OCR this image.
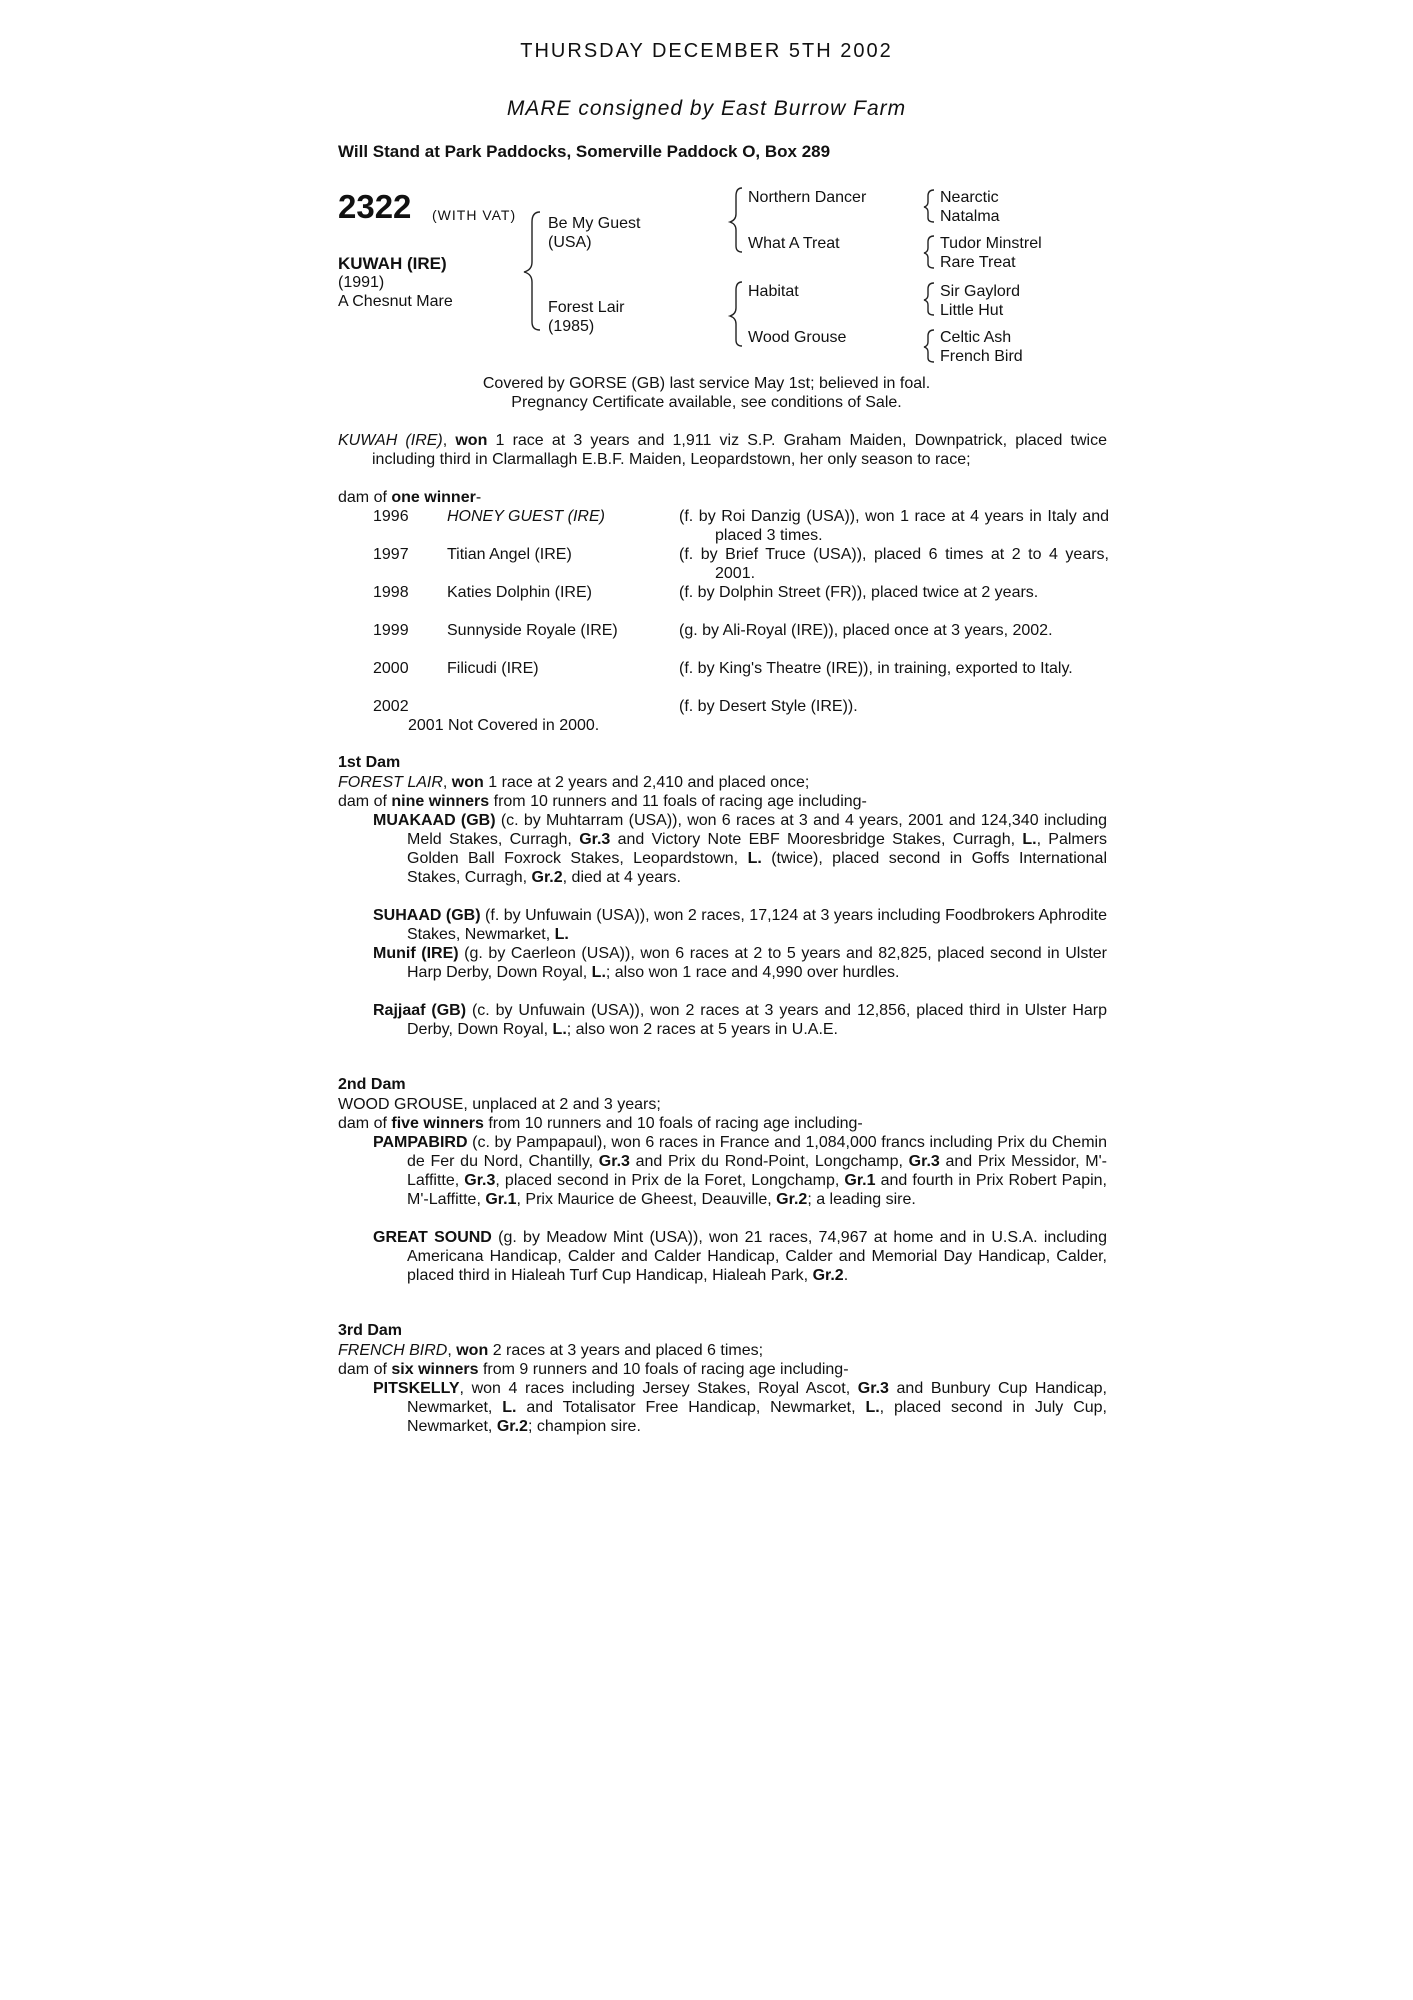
THURSDAY DECEMBER 5TH 2002
MARE consigned by East Burrow Farm
Will Stand at Park Paddocks, Somerville Paddock O, Box 289
2322 (WITH VAT)
KUWAH (IRE)
(1991)
A Chesnut Mare
Be My Guest
(USA)
Forest Lair
(1985)
Northern Dancer
What A Treat
Habitat
Wood Grouse
Nearctic
Natalma
Tudor Minstrel
Rare Treat
Sir Gaylord
Little Hut
Celtic Ash
French Bird
Covered by GORSE (GB) last service May 1st; believed in foal.
Pregnancy Certificate available, see conditions of Sale.
KUWAH (IRE), won 1 race at 3 years and 1,911 viz S.P. Graham Maiden, Downpatrick, placed twice including third in Clarmallagh E.B.F. Maiden, Leopardstown, her only season to race;
dam of one winner-
1996 HONEY GUEST (IRE)	(f. by Roi Danzig (USA)), won 1 race at 4 years in Italy and placed 3 times.
1997 Titian Angel (IRE)	(f. by Brief Truce (USA)), placed 6 times at 2 to 4 years, 2001.
1998 Katies Dolphin (IRE)	(f. by Dolphin Street (FR)), placed twice at 2 years.
1999 Sunnyside Royale (IRE)	(g. by Ali-Royal (IRE)), placed once at 3 years, 2002.
2000 Filicudi (IRE)	(f. by King's Theatre (IRE)), in training, exported to Italy.
2002	(f. by Desert Style (IRE)).
2001 Not Covered in 2000.
1st Dam
FOREST LAIR, won 1 race at 2 years and 2,410 and placed once;
dam of nine winners from 10 runners and 11 foals of racing age including-
MUAKAAD (GB) (c. by Muhtarram (USA)), won 6 races at 3 and 4 years, 2001 and 124,340 including Meld Stakes, Curragh, Gr.3 and Victory Note EBF Mooresbridge Stakes, Curragh, L., Palmers Golden Ball Foxrock Stakes, Leopardstown, L. (twice), placed second in Goffs International Stakes, Curragh, Gr.2, died at 4 years.
SUHAAD (GB) (f. by Unfuwain (USA)), won 2 races, 17,124 at 3 years including Foodbrokers Aphrodite Stakes, Newmarket, L.
Munif (IRE) (g. by Caerleon (USA)), won 6 races at 2 to 5 years and 82,825, placed second in Ulster Harp Derby, Down Royal, L.; also won 1 race and 4,990 over hurdles.
Rajjaaf (GB) (c. by Unfuwain (USA)), won 2 races at 3 years and 12,856, placed third in Ulster Harp Derby, Down Royal, L.; also won 2 races at 5 years in U.A.E.
2nd Dam
WOOD GROUSE, unplaced at 2 and 3 years;
dam of five winners from 10 runners and 10 foals of racing age including-
PAMPABIRD (c. by Pampapaul), won 6 races in France and 1,084,000 francs including Prix du Chemin de Fer du Nord, Chantilly, Gr.3 and Prix du Rond-Point, Longchamp, Gr.3 and Prix Messidor, M'-Laffitte, Gr.3, placed second in Prix de la Foret, Longchamp, Gr.1 and fourth in Prix Robert Papin, M'-Laffitte, Gr.1, Prix Maurice de Gheest, Deauville, Gr.2; a leading sire.
GREAT SOUND (g. by Meadow Mint (USA)), won 21 races, 74,967 at home and in U.S.A. including Americana Handicap, Calder and Calder Handicap, Calder and Memorial Day Handicap, Calder, placed third in Hialeah Turf Cup Handicap, Hialeah Park, Gr.2.
3rd Dam
FRENCH BIRD, won 2 races at 3 years and placed 6 times;
dam of six winners from 9 runners and 10 foals of racing age including-
PITSKELLY, won 4 races including Jersey Stakes, Royal Ascot, Gr.3 and Bunbury Cup Handicap, Newmarket, L. and Totalisator Free Handicap, Newmarket, L., placed second in July Cup, Newmarket, Gr.2; champion sire.
